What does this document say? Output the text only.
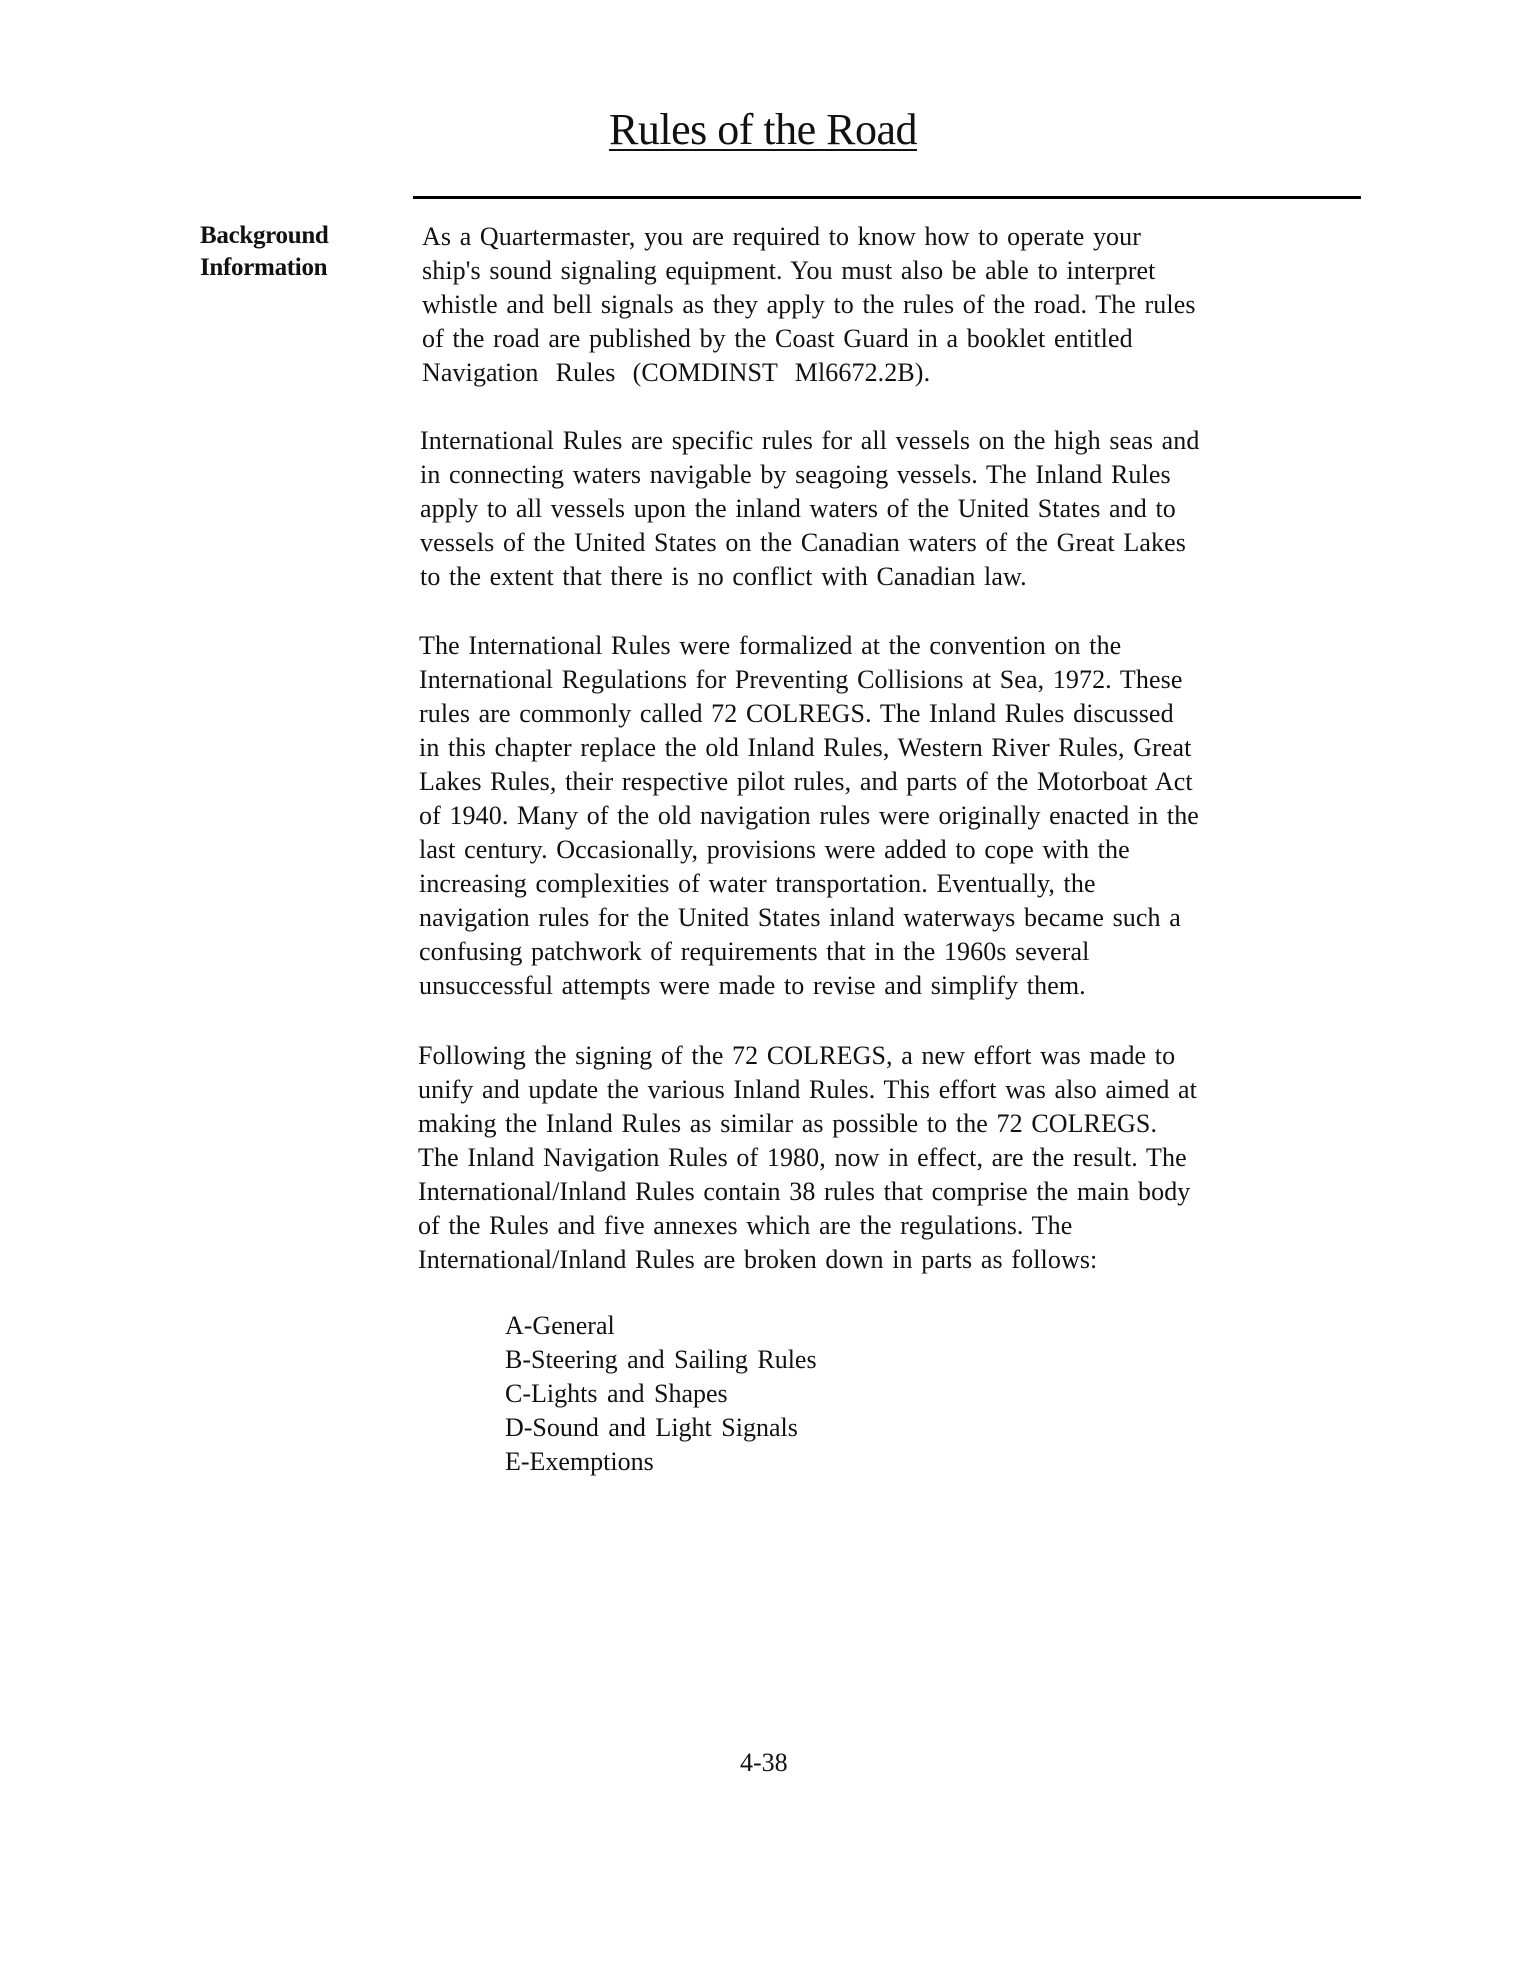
Rules of the Road
Background
Information
As a Quartermaster, you are required to know how to operate your
ship's sound signaling equipment. You must also be able to interpret
whistle and bell signals as they apply to the rules of the road. The rules
of the road are published by the Coast Guard in a booklet entitled
Navigation  Rules  (COMDINST  Ml6672.2B).
International Rules are specific rules for all vessels on the high seas and
in connecting waters navigable by seagoing vessels. The Inland Rules
apply to all vessels upon the inland waters of the United States and to
vessels of the United States on the Canadian waters of the Great Lakes
to the extent that there is no conflict with Canadian law.
The International Rules were formalized at the convention on the
International Regulations for Preventing Collisions at Sea, 1972. These
rules are commonly called 72 COLREGS. The Inland Rules discussed
in this chapter replace the old Inland Rules, Western River Rules, Great
Lakes Rules, their respective pilot rules, and parts of the Motorboat Act
of 1940. Many of the old navigation rules were originally enacted in the
last century. Occasionally, provisions were added to cope with the
increasing complexities of water transportation. Eventually, the
navigation rules for the United States inland waterways became such a
confusing patchwork of requirements that in the 1960s several
unsuccessful attempts were made to revise and simplify them.
Following the signing of the 72 COLREGS, a new effort was made to
unify and update the various Inland Rules. This effort was also aimed at
making the Inland Rules as similar as possible to the 72 COLREGS.
The Inland Navigation Rules of 1980, now in effect, are the result. The
International/Inland Rules contain 38 rules that comprise the main body
of the Rules and five annexes which are the regulations. The
International/Inland Rules are broken down in parts as follows:
A-General
B-Steering and Sailing Rules
C-Lights and Shapes
D-Sound and Light Signals
E-Exemptions
4-38
